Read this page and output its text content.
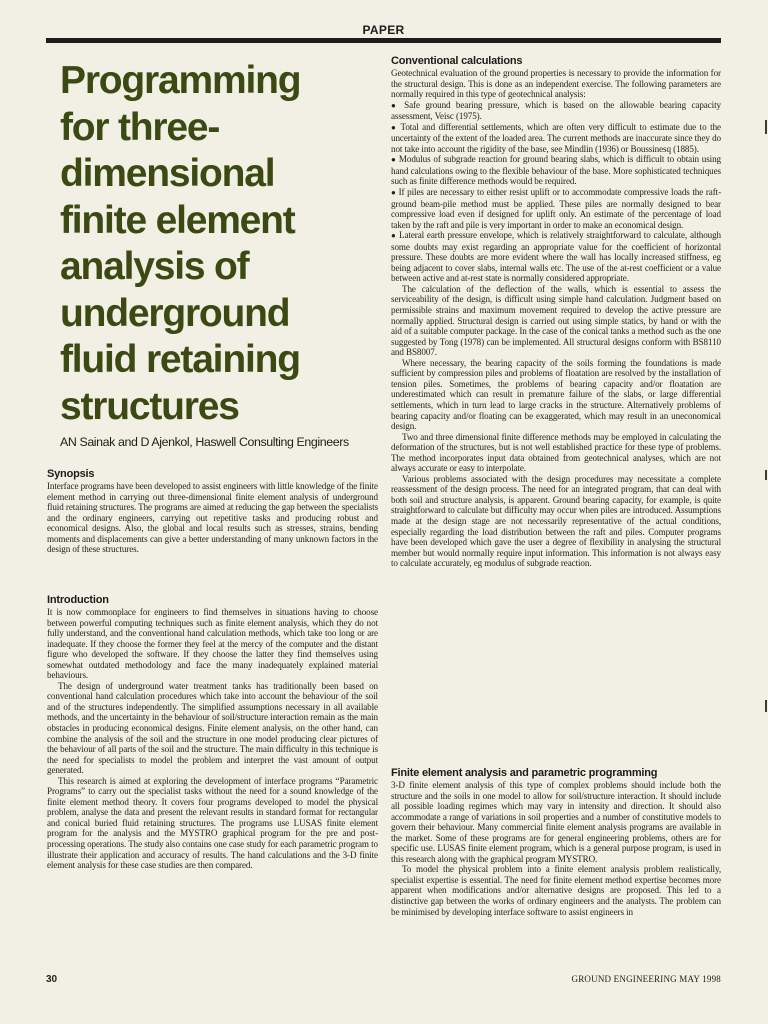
PAPER
Programming
for three-
dimensional
finite element
analysis of
underground
fluid retaining
structures
AN Sainak and D Ajenkol, Haswell Consulting Engineers
Synopsis

Interface programs have been developed to assist engineers with little knowledge of the finite element method in carrying out three-dimensional finite element analysis of underground fluid retaining structures. The programs are aimed at reducing the gap between the specialists and the ordinary engineers, carrying out repetitive tasks and producing robust and economical designs. Also, the global and local results such as stresses, strains, bending moments and displacements can give a better understanding of many unknown factors in the design of these structures.

Introduction

It is now commonplace for engineers to find themselves in situations having to choose between powerful computing techniques such as finite element analysis, which they do not fully understand, and the conventional hand calculation methods, which take too long or are inadequate. If they choose the former they feel at the mercy of the computer and the distant figure who developed the software. If they choose the latter they find themselves using somewhat outdated methodology and face the many inadequately explained material behaviours.

The design of underground water treatment tanks has traditionally been based on conventional hand calculation procedures which take into account the behaviour of the soil and of the structures independently. The simplified assumptions necessary in all available methods, and the uncertainty in the behaviour of soil/structure interaction remain as the main obstacles in producing economical designs. Finite element analysis, on the other hand, can combine the analysis of the soil and the structure in one model producing clear pictures of the behaviour of all parts of the soil and the structure. The main difficulty in this technique is the need for specialists to model the problem and interpret the vast amount of output generated.

This research is aimed at exploring the development of interface programs “Parametric Programs” to carry out the specialist tasks without the need for a sound knowledge of the finite element method theory. It covers four programs developed to model the physical problem, analyse the data and present the relevant results in standard format for rectangular and conical buried fluid retaining structures. The programs use LUSAS finite element program for the analysis and the MYSTRO graphical program for the pre and post-processing operations. The study also contains one case study for each parametric program to illustrate their application and accuracy of results. The hand calculations and the 3-D finite element analysis for these case studies are then compared.

Conventional calculations

Geotechnical evaluation of the ground properties is necessary to provide the information for the structural design. This is done as an independent exercise. The following parameters are normally required in this type of geotechnical analysis:

● Safe ground bearing pressure, which is based on the allowable bearing capacity assessment, Veisc (1975).

● Total and differential settlements, which are often very difficult to estimate due to the uncertainty of the extent of the loaded area. The current methods are inaccurate since they do not take into account the rigidity of the base, see Mindlin (1936) or Boussinesq (1885).

● Modulus of subgrade reaction for ground bearing slabs, which is difficult to obtain using hand calculations owing to the flexible behaviour of the base. More sophisticated techniques such as finite difference methods would be required.

● If piles are necessary to either resist uplift or to accommodate compressive loads the raft-ground beam-pile method must be applied. These piles are normally designed to bear compressive load even if designed for uplift only. An estimate of the percentage of load taken by the raft and pile is very important in order to make an economical design.

● Lateral earth pressure envelope, which is relatively straightforward to calculate, although some doubts may exist regarding an appropriate value for the coefficient of horizontal pressure. These doubts are more evident where the wall has locally increased stiffness, eg being adjacent to cover slabs, internal walls etc. The use of the at-rest coefficient or a value between active and at-rest state is normally considered appropriate.

The calculation of the deflection of the walls, which is essential to assess the serviceability of the design, is difficult using simple hand calculation. Judgment based on permissible strains and maximum movement required to develop the active pressure are normally applied. Structural design is carried out using simple statics, by hand or with the aid of a suitable computer package. In the case of the conical tanks a method such as the one suggested by Tong (1978) can be implemented. All structural designs conform with BS8110 and BS8007.

Where necessary, the bearing capacity of the soils forming the foundations is made sufficient by compression piles and problems of floatation are resolved by the installation of tension piles. Sometimes, the problems of bearing capacity and/or floatation are underestimated which can result in premature failure of the slabs, or large differential settlements, which in turn lead to large cracks in the structure. Alternatively problems of bearing capacity and/or floating can be exaggerated, which may result in an uneconomical design.

Two and three dimensional finite difference methods may be employed in calculating the deformation of the structures, but is not well established practice for these type of problems. The method incorporates input data obtained from geotechnical analyses, which are not always accurate or easy to interpolate.

Various problems associated with the design procedures may necessitate a complete reassessment of the design process. The need for an integrated program, that can deal with both soil and structure analysis, is apparent. Ground bearing capacity, for example, is quite straightforward to calculate but difficulty may occur when piles are introduced. Assumptions made at the design stage are not necessarily representative of the actual conditions, especially regarding the load distribution between the raft and piles. Computer programs have been developed which gave the user a degree of flexibility in analysing the structural member but would normally require input information. This information is not always easy to calculate accurately, eg modulus of subgrade reaction.

Finite element analysis and parametric programming

3-D finite element analysis of this type of complex problems should include both the structure and the soils in one model to allow for soil/structure interaction. It should include all possible loading regimes which may vary in intensity and direction. It should also accommodate a range of variations in soil properties and a number of constitutive models to govern their behaviour. Many commercial finite element analysis programs are available in the market. Some of these programs are for general engineering problems, others are for specific use. LUSAS finite element program, which is a general purpose program, is used in this research along with the graphical program MYSTRO.

To model the physical problem into a finite element analysis problem realistically, specialist expertise is essential. The need for finite element method expertise becomes more apparent when modifications and/or alternative designs are proposed. This led to a distinctive gap between the works of ordinary engineers and the analysts. The problem can be minimised by developing interface software to assist engineers in

30	GROUND ENGINEERING MAY 1998
